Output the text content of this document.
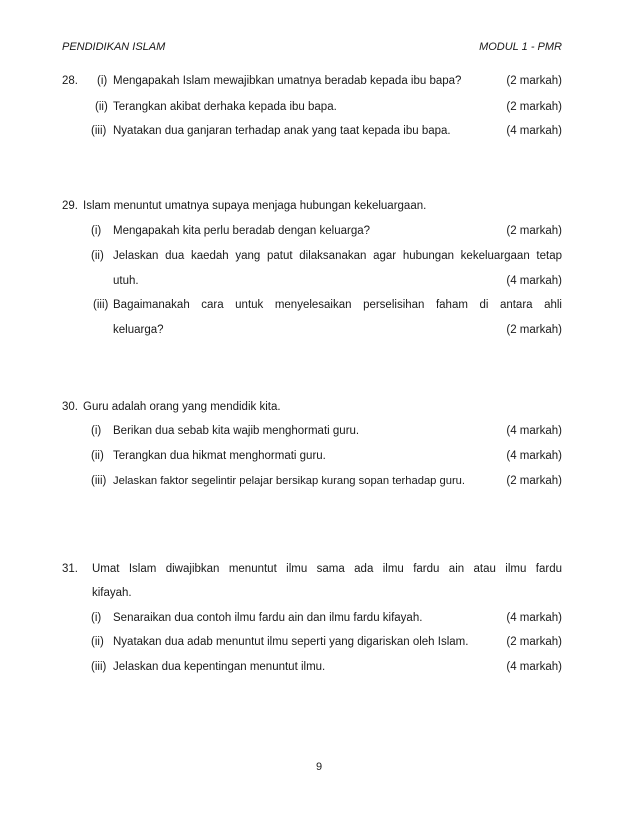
PENDIDIKAN ISLAM	MODUL 1 - PMR
28. (i) Mengapakah Islam mewajibkan umatnya beradab kepada ibu bapa?	(2 markah)
(ii) Terangkan akibat derhaka kepada ibu bapa.	(2 markah)
(iii) Nyatakan dua ganjaran terhadap anak yang taat kepada ibu bapa.	(4 markah)
29. Islam menuntut umatnya supaya menjaga hubungan kekeluargaan.
(i) Mengapakah kita perlu beradab dengan keluarga?	(2 markah)
(ii) Jelaskan dua kaedah yang patut dilaksanakan agar hubungan kekeluargaan tetap
utuh.	(4 markah)
(iii) Bagaimanakah cara untuk menyelesaikan perselisihan faham di antara ahli
keluarga?	(2 markah)
30. Guru adalah orang yang mendidik kita.
(i) Berikan dua sebab kita wajib menghormati guru.	(4 markah)
(ii) Terangkan dua hikmat menghormati guru.	(4 markah)
(iii) Jelaskan faktor segelintir pelajar bersikap kurang sopan terhadap guru.	(2 markah)
31. Umat Islam diwajibkan menuntut ilmu sama ada ilmu fardu ain atau ilmu fardu
kifayah.
(i) Senaraikan dua contoh ilmu fardu ain dan ilmu fardu kifayah.	(4 markah)
(ii) Nyatakan dua adab menuntut ilmu seperti yang digariskan oleh Islam.	(2 markah)
(iii) Jelaskan dua kepentingan menuntut ilmu.	(4 markah)
9
